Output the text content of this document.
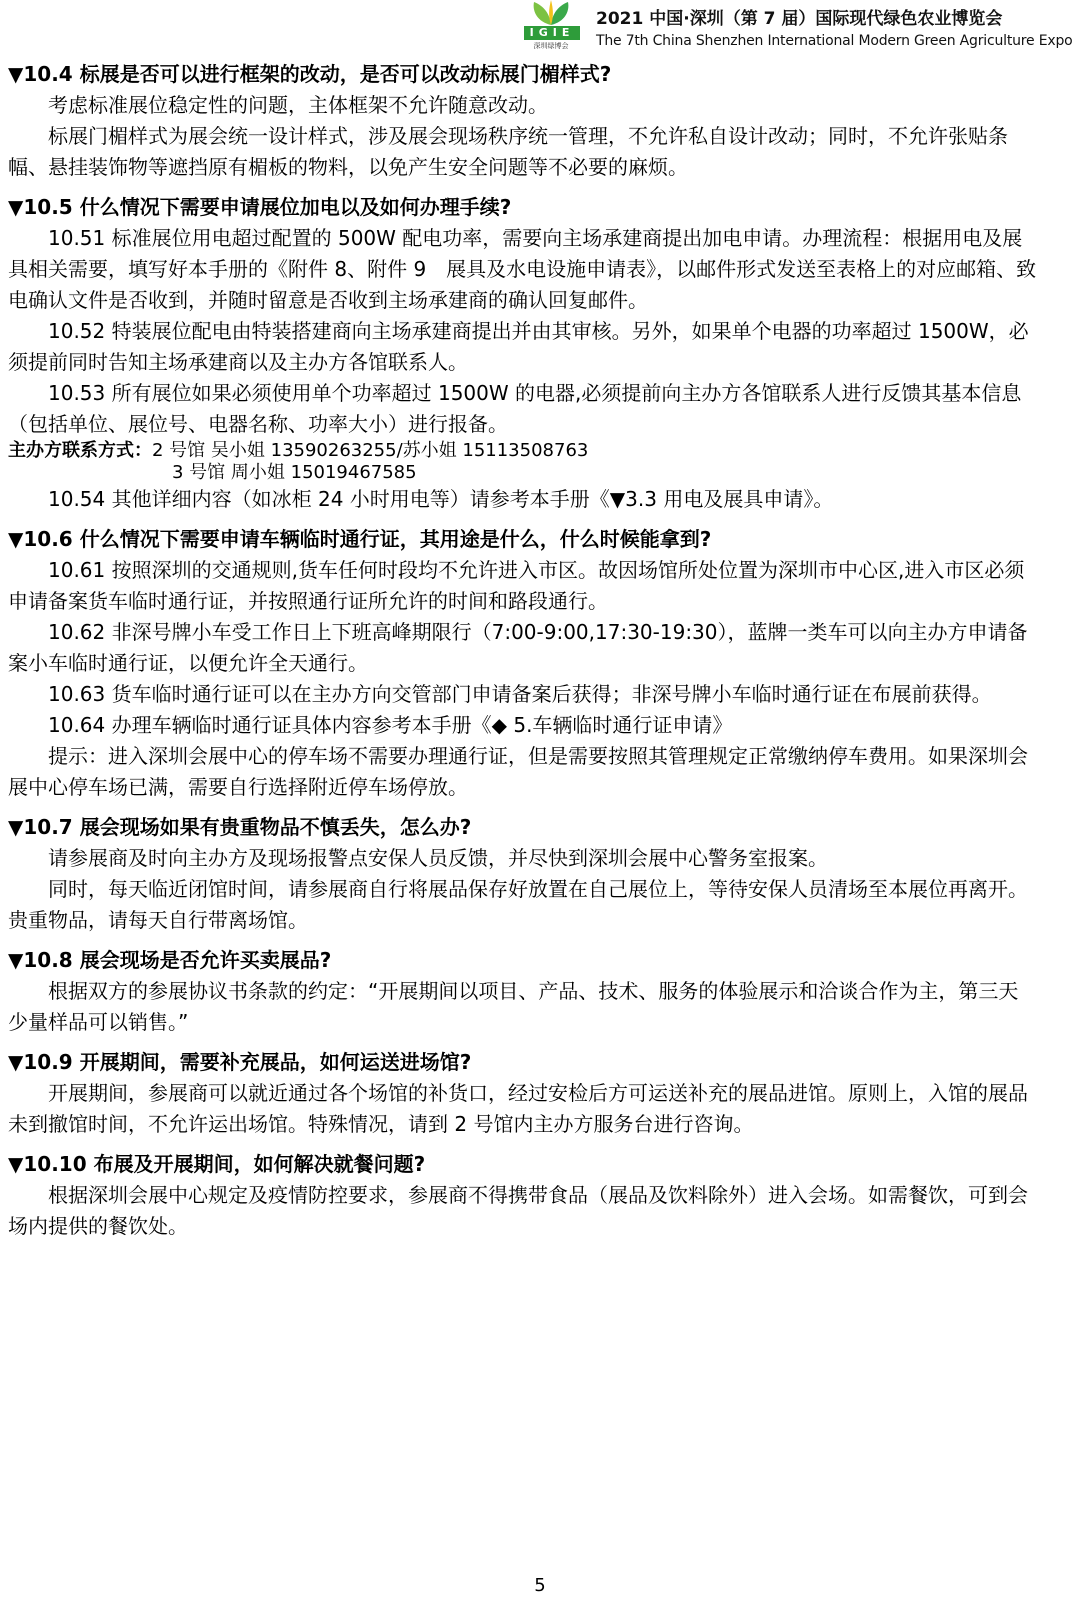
IGIE
深圳绿博会
2021 中国·深圳（第 7 届）国际现代绿色农业博览会
The 7th China Shenzhen International Modern Green Agriculture Expo

▼10.4 标展是否可以进行框架的改动，是否可以改动标展门楣样式?

考虑标准展位稳定性的问题，主体框架不允许随意改动。

标展门楣样式为展会统一设计样式，涉及展会现场秩序统一管理，不允许私自设计改动；同时，不允许张贴条幅、悬挂装饰物等遮挡原有楣板的物料，以免产生安全问题等不必要的麻烦。

▼10.5 什么情况下需要申请展位加电以及如何办理手续?

10.51 标准展位用电超过配置的 500W 配电功率，需要向主场承建商提出加电申请。办理流程：根据用电及展具相关需要，填写好本手册的《附件 8、附件 9　展具及水电设施申请表》，以邮件形式发送至表格上的对应邮箱、致电确认文件是否收到，并随时留意是否收到主场承建商的确认回复邮件。

10.52 特装展位配电由特装搭建商向主场承建商提出并由其审核。另外，如果单个电器的功率超过 1500W，必须提前同时告知主场承建商以及主办方各馆联系人。

10.53 所有展位如果必须使用单个功率超过 1500W 的电器,必须提前向主办方各馆联系人进行反馈其基本信息（包括单位、展位号、电器名称、功率大小）进行报备。

主办方联系方式：2 号馆 吴小姐 13590263255/苏小姐 15113508763

3 号馆 周小姐 15019467585

10.54 其他详细内容（如冰柜 24 小时用电等）请参考本手册《▼3.3 用电及展具申请》。

▼10.6 什么情况下需要申请车辆临时通行证，其用途是什么，什么时候能拿到?

10.61 按照深圳的交通规则,货车任何时段均不允许进入市区。故因场馆所处位置为深圳市中心区,进入市区必须申请备案货车临时通行证，并按照通行证所允许的时间和路段通行。

10.62 非深号牌小车受工作日上下班高峰期限行（7:00-9:00,17:30-19:30），蓝牌一类车可以向主办方申请备案小车临时通行证，以便允许全天通行。

10.63 货车临时通行证可以在主办方向交管部门申请备案后获得；非深号牌小车临时通行证在布展前获得。

10.64 办理车辆临时通行证具体内容参考本手册《◆ 5.车辆临时通行证申请》

提示：进入深圳会展中心的停车场不需要办理通行证，但是需要按照其管理规定正常缴纳停车费用。如果深圳会展中心停车场已满，需要自行选择附近停车场停放。

▼10.7 展会现场如果有贵重物品不慎丢失，怎么办?

请参展商及时向主办方及现场报警点安保人员反馈，并尽快到深圳会展中心警务室报案。

同时，每天临近闭馆时间，请参展商自行将展品保存好放置在自己展位上，等待安保人员清场至本展位再离开。贵重物品，请每天自行带离场馆。

▼10.8 展会现场是否允许买卖展品?

根据双方的参展协议书条款的约定：“开展期间以项目、产品、技术、服务的体验展示和洽谈合作为主，第三天少量样品可以销售。”

▼10.9 开展期间，需要补充展品，如何运送进场馆?

开展期间，参展商可以就近通过各个场馆的补货口，经过安检后方可运送补充的展品进馆。原则上，入馆的展品未到撤馆时间，不允许运出场馆。特殊情况，请到 2 号馆内主办方服务台进行咨询。

▼10.10 布展及开展期间，如何解决就餐问题?

根据深圳会展中心规定及疫情防控要求，参展商不得携带食品（展品及饮料除外）进入会场。如需餐饮，可到会场内提供的餐饮处。

5
